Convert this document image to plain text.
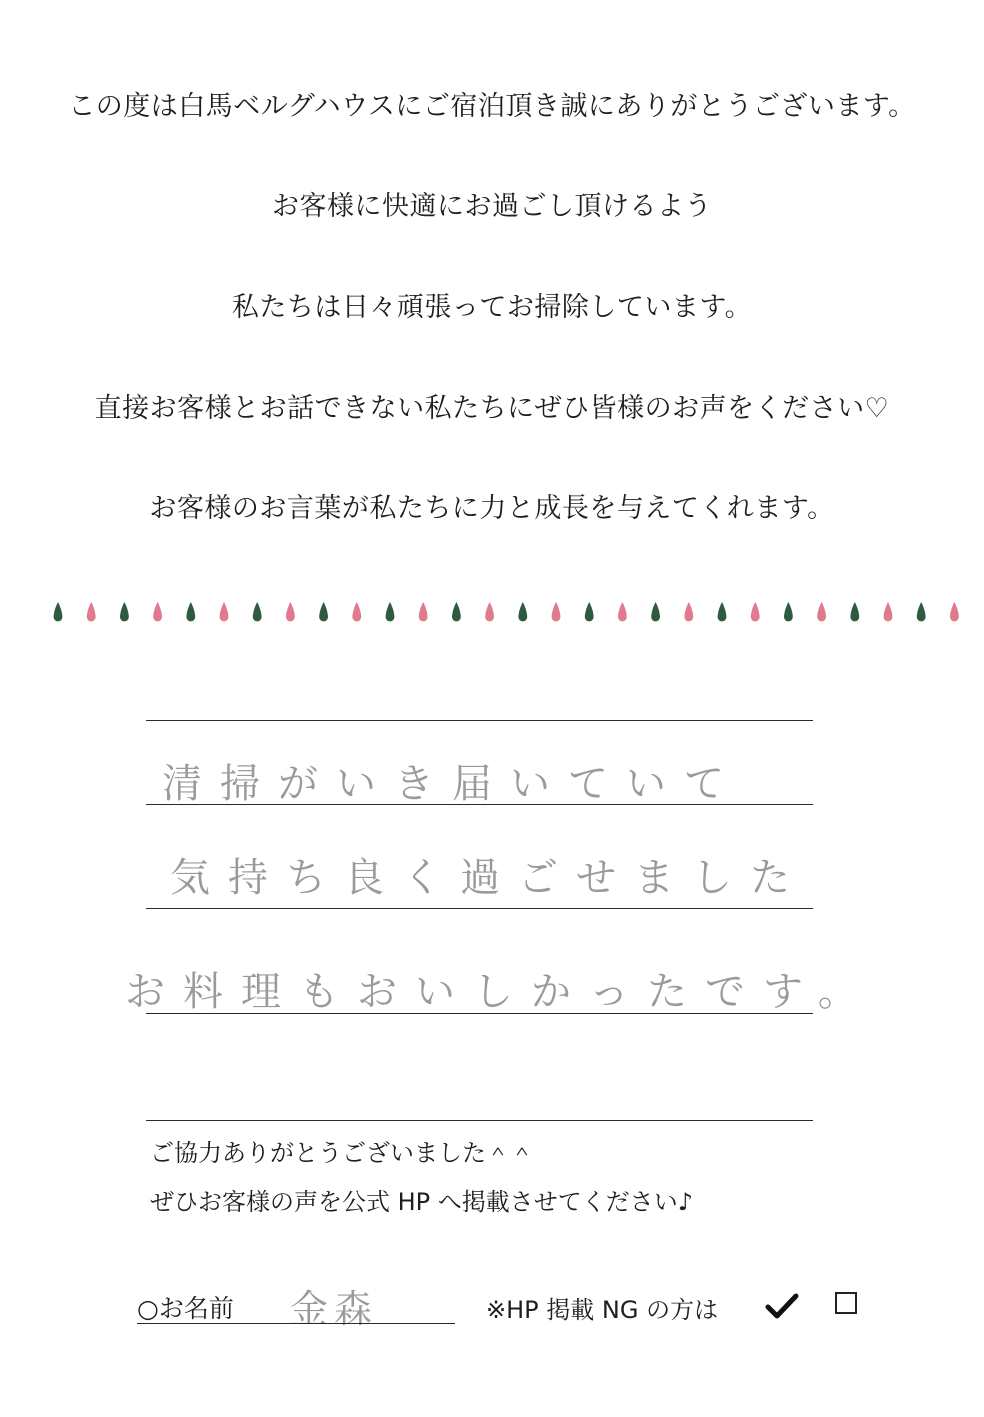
この度は白馬ベルグハウスにご宿泊頂き誠にありがとうございます。
お客様に快適にお過ごし頂けるよう
私たちは日々頑張ってお掃除しています。
直接お客様とお話できない私たちにぜひ皆様のお声をください♡
お客様のお言葉が私たちに力と成長を与えてくれます。
清掃がいき届いていて
気持ち良く過ごせました
お料理もおいしかったです。
ご協力ありがとうございました＾＾
ぜひお客様の声を公式 HP へ掲載させてください♪
○お名前 金森	※HP 掲載 NG の方は
